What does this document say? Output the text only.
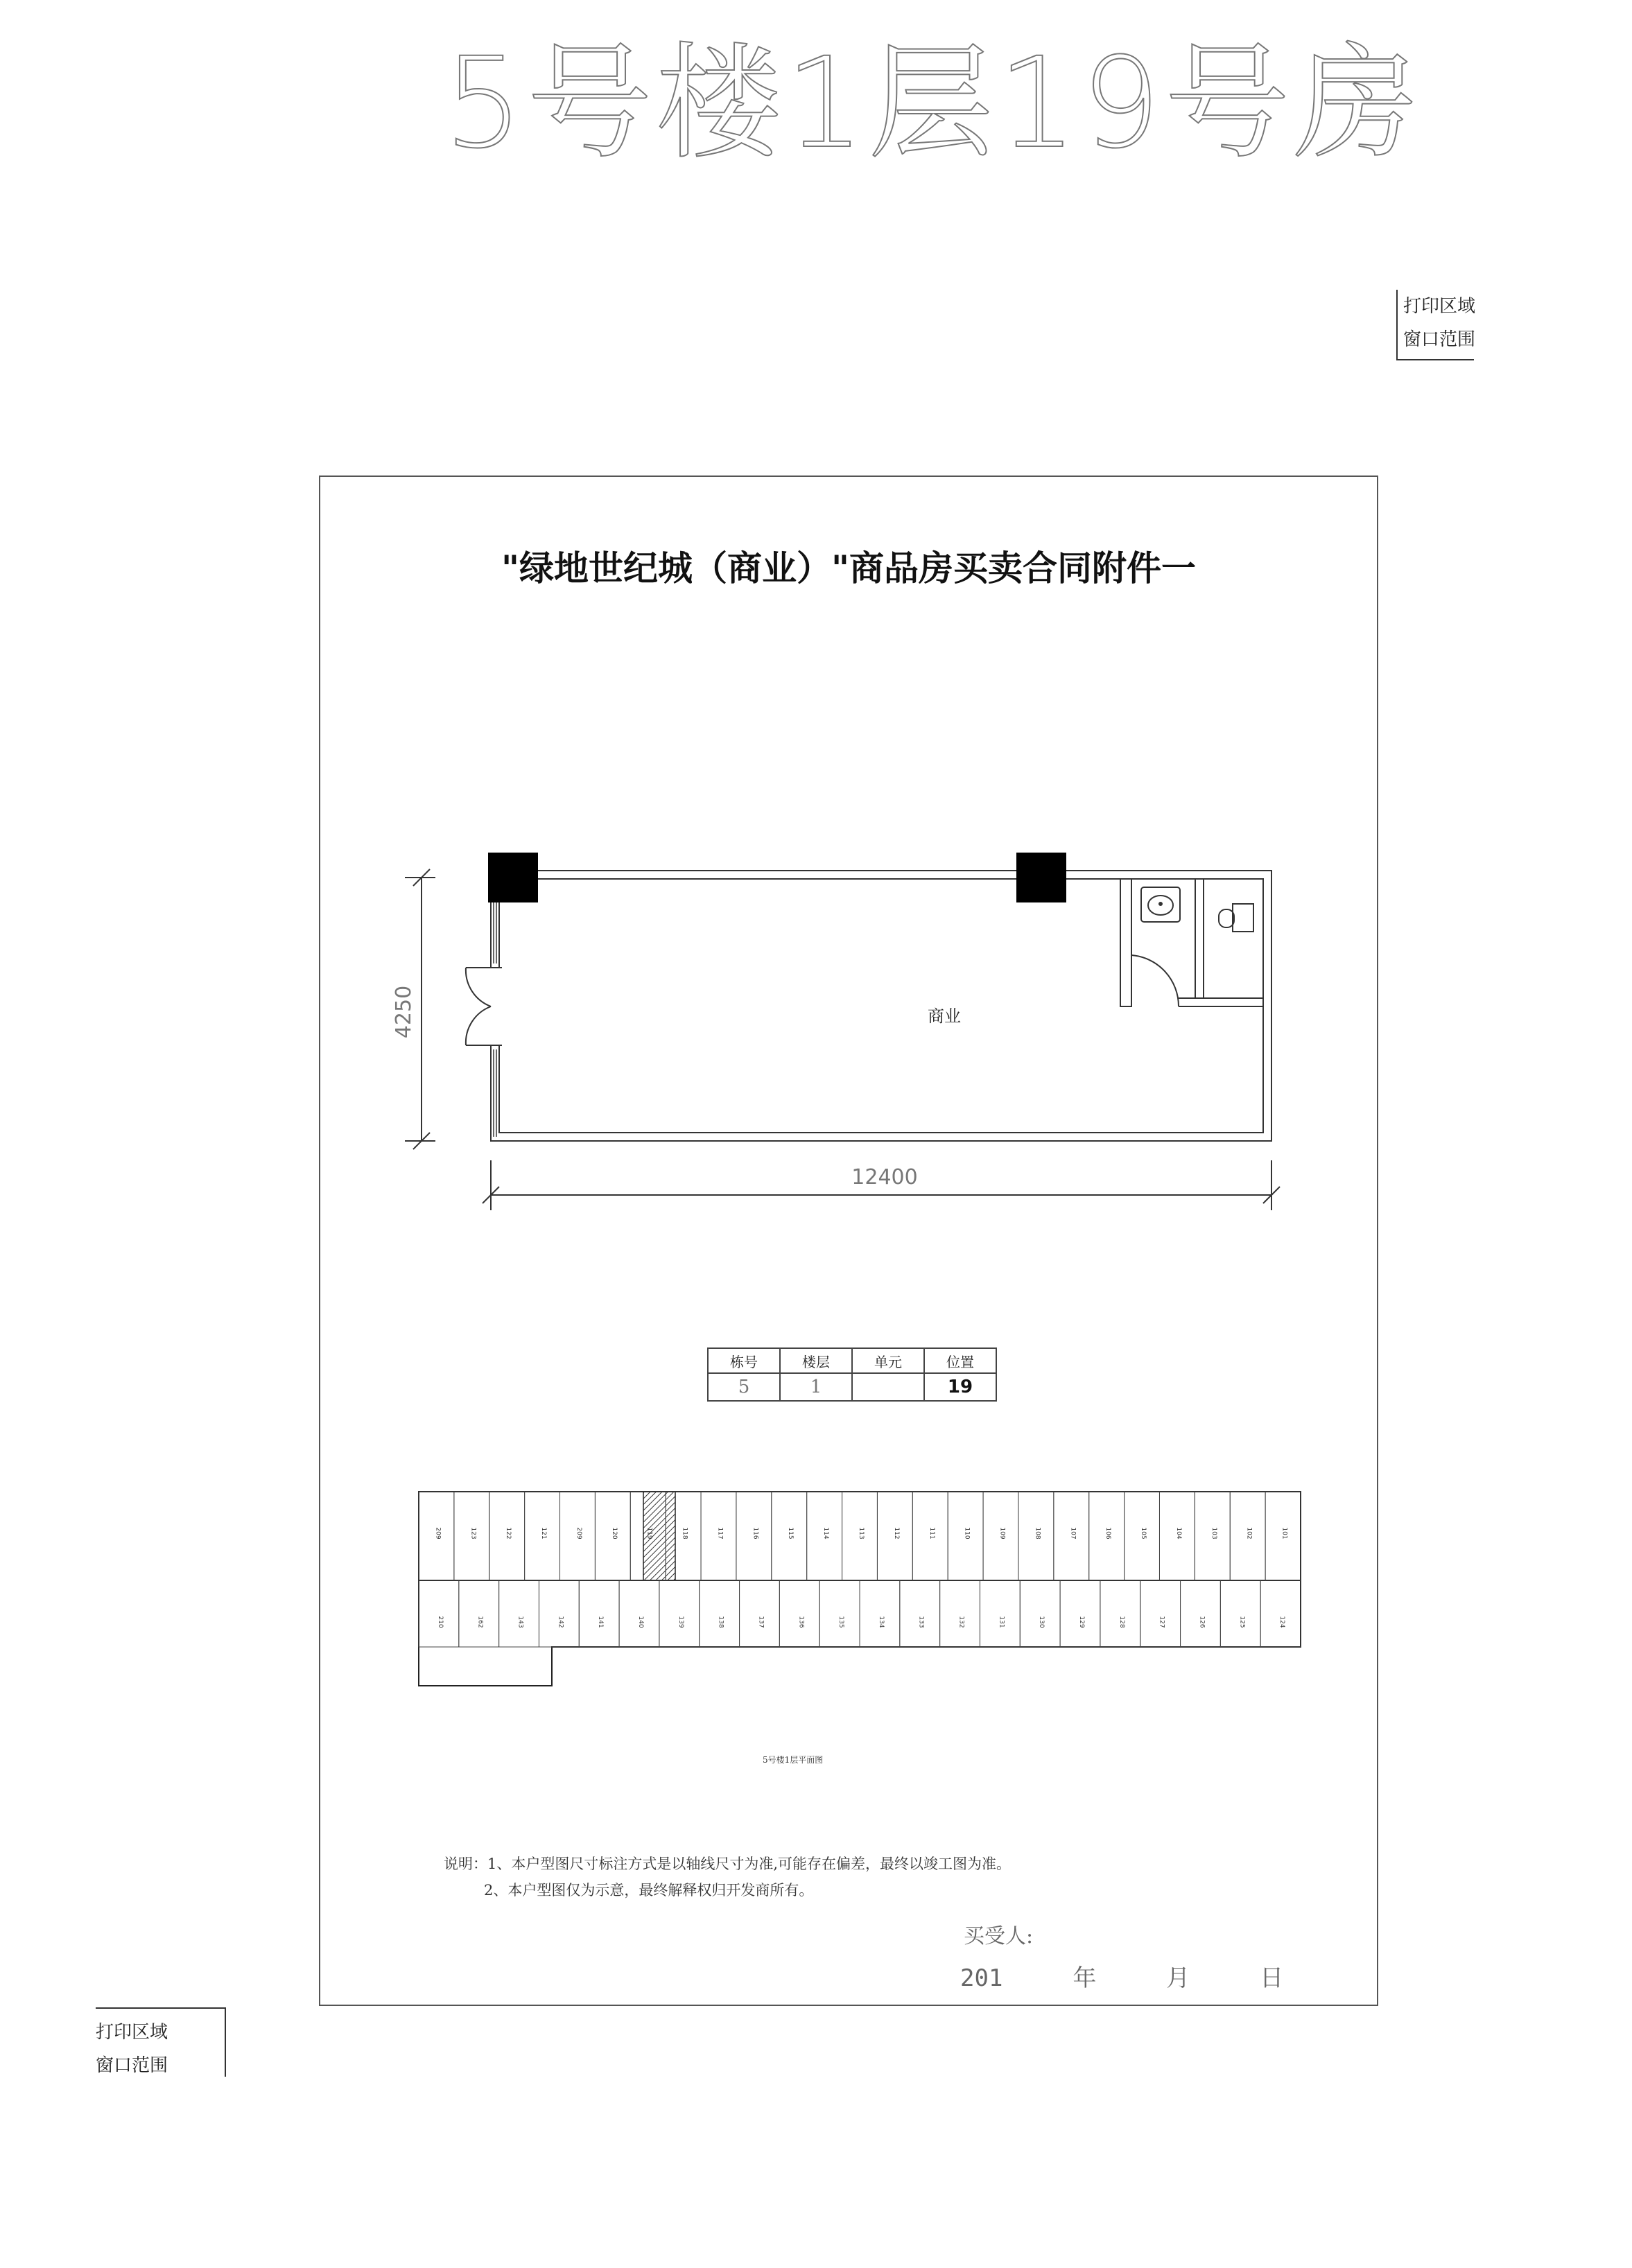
5号楼1层19号房
打印区域
窗口范围
打印区域
窗口范围
"绿地世纪城（商业）"商品房买卖合同附件一
4250	商业
12400
栋号	楼层	单元	位置
5	1		19
209	123	122	121	209	120	119	118	117	116	115	114	113	112	111	110	109	108	107	106	105	104	103	102	101
210	162	143	142	141	140	139	138	137	136	135	134	133	132	131	130	129	128	127	126	125	124
5号楼1层平面图
说明：1、本户型图尺寸标注方式是以轴线尺寸为准,可能存在偏差，最终以竣工图为准。
2、本户型图仅为示意，最终解释权归开发商所有。
买受人:
201  年  月  日
